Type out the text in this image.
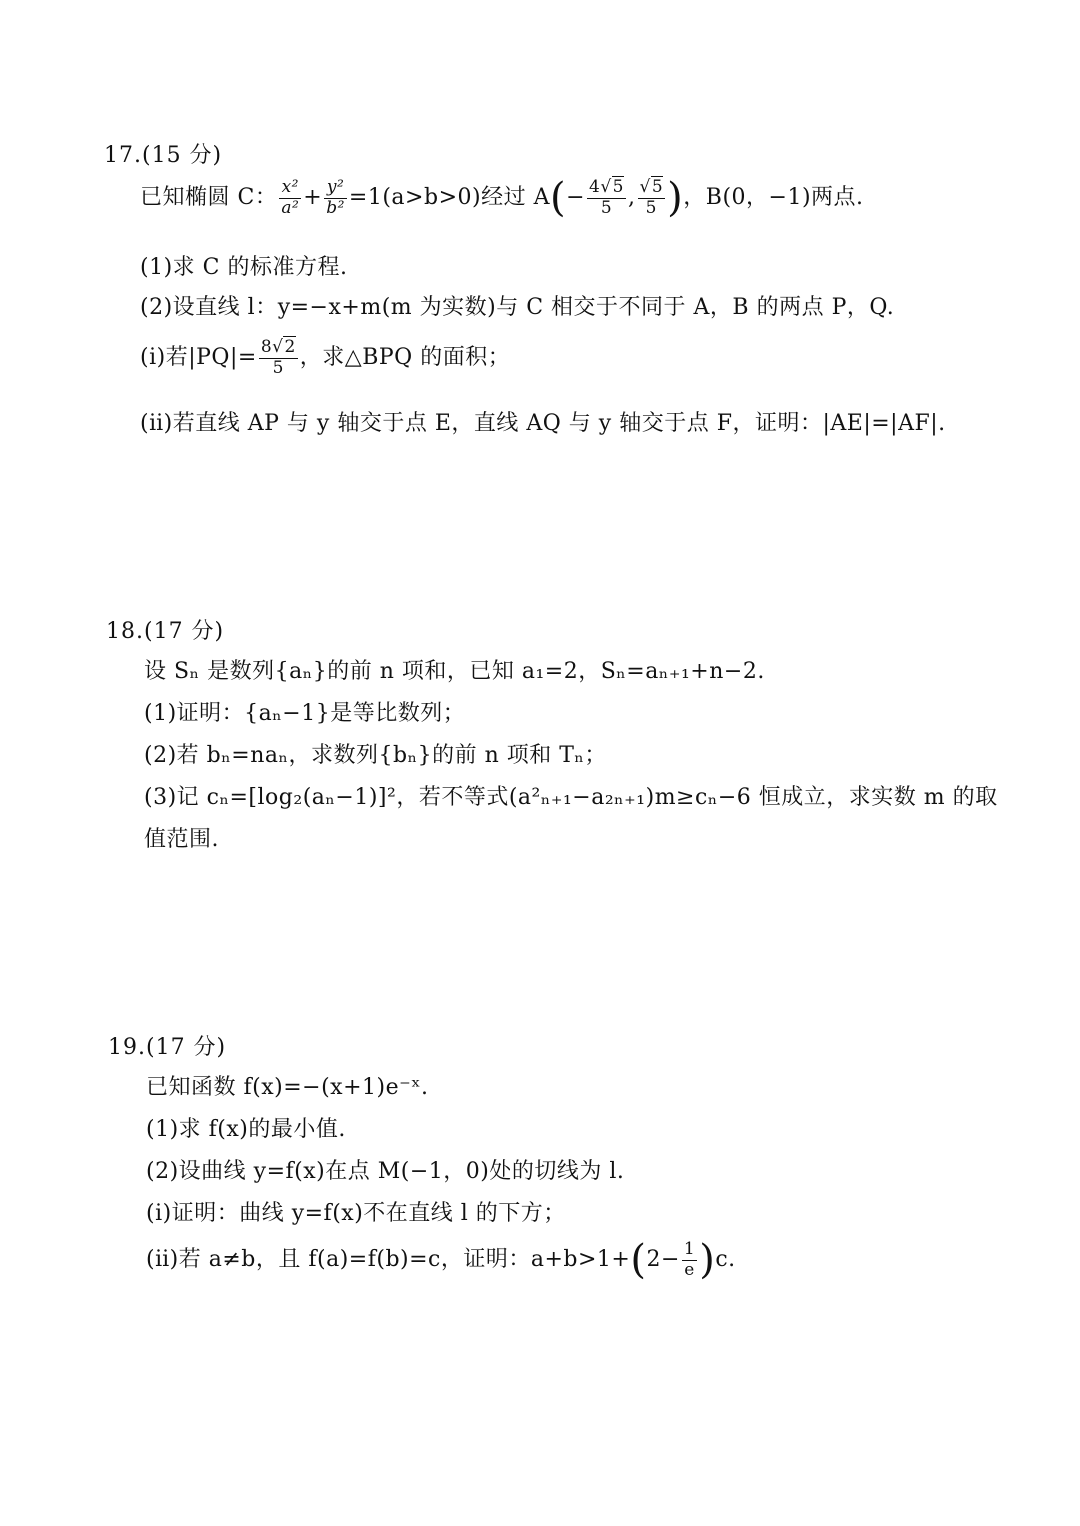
17.(15 分)
已知椭圆 C： $\frac{\text{x²}}{\text{a²}} + \frac{\text{y²}}{\text{b²}} =1(a>b>0)$经过 $A(- \frac{4√5}{5}$ , $\frac{√5}{5}$ )，B(0，−1)两点.
(1)求 C 的标准方程.
(2)设直线 l：y=−x+m(m 为实数)与 C 相交于不同于 A，B 的两点 P，Q.
(ⅰ)若$|PQ|= \frac{8√2}{5}$ ，求△BPQ 的面积；
(ⅱ)若直线 AP 与 y 轴交于点 E，直线 AQ 与 y 轴交于点 F，证明：|AE|=|AF|.
18.(17 分)
设 Sₙ 是数列{aₙ}的前 n 项和，已知 a₁=2，Sₙ=aₙ₊₁+n−2.
(1)证明：{aₙ−1}是等比数列；
(2)若 bₙ=naₙ，求数列{bₙ}的前 n 项和 Tₙ；
(3)记 cₙ=[log₂(aₙ−1)]²，若不等式(a²ₙ₊₁−a₂ₙ₊₁)m≥cₙ−6 恒成立，求实数 m 的取
值范围.
19.(17 分)
已知函数 f(x)=−(x+1)e⁻ˣ.
(1)求 f(x)的最小值.
(2)设曲线 y=f(x)在点 M(−1，0)处的切线为 l.
(ⅰ)证明：曲线 y=f(x)不在直线 l 的下方；
(ⅱ)若 a≠b，且 f(a)=f(b)=c，证明：$a+b>1+(2- \frac{1}{e} )c$.
